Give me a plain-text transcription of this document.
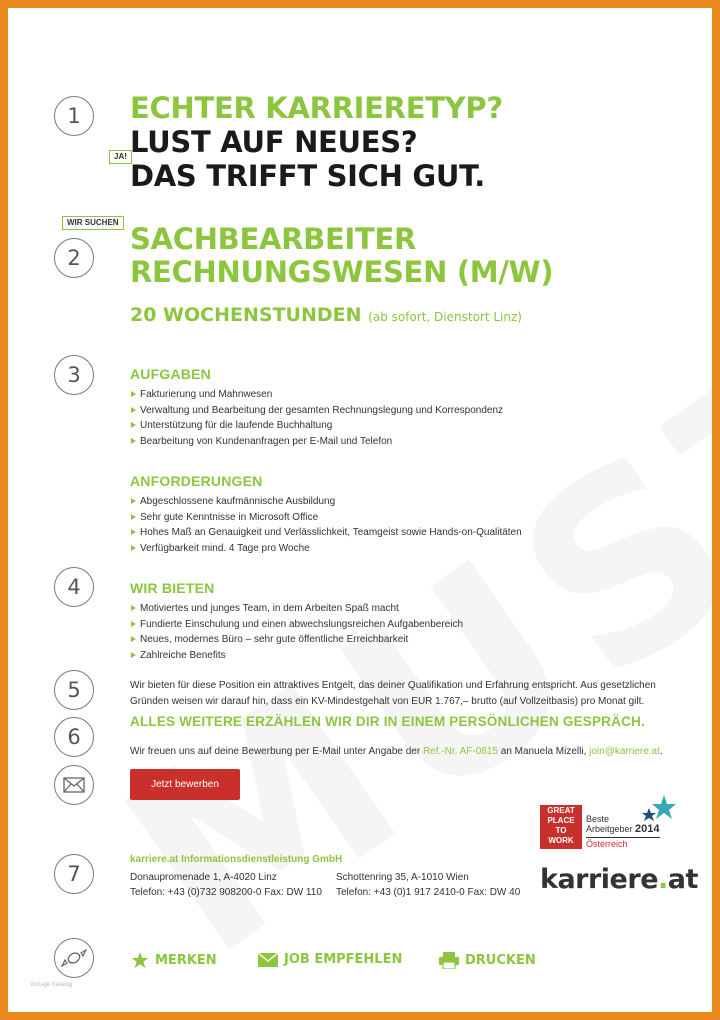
1
2
3
4
5
6
7
ECHTER KARRIERETYP?
JA! LUST AUF NEUES?
DAS TRIFFT SICH GUT.
WIR SUCHEN SACHBEARBEITER
RECHNUNGSWESEN (M/W)
20 WOCHENSTUNDEN (ab sofort, Dienstort Linz)
AUFGABEN
Fakturierung und Mahnwesen
Verwaltung und Bearbeitung der gesamten Rechnungslegung und Korrespondenz
Unterstützung für die laufende Buchhaltung
Bearbeitung von Kundenanfragen per E-Mail und Telefon
ANFORDERUNGEN
Abgeschlossene kaufmännische Ausbildung
Sehr gute Kenntnisse in Microsoft Office
Hohes Maß an Genauigkeit und Verlässlichkeit, Teamgeist sowie Hands-on-Qualitäten
Verfügbarkeit mind. 4 Tage pro Woche
WIR BIETEN
Motiviertes und junges Team, in dem Arbeiten Spaß macht
Fundierte Einschulung und einen abwechslungsreichen Aufgabenbereich
Neues, modernes Büro – sehr gute öffentliche Erreichbarkeit
Zahlreiche Benefits
Wir bieten für diese Position ein attraktives Entgelt, das deiner Qualifikation und Erfahrung entspricht. Aus gesetzlichen
Gründen weisen wir darauf hin, dass ein KV-Mindestgehalt von EUR 1.767,– brutto (auf Vollzeitbasis) pro Monat gilt.
ALLES WEITERE ERZÄHLEN WIR DIR IN EINEM PERSÖNLICHEN GESPRÄCH.
Wir freuen uns auf deine Bewerbung per E-Mail unter Angabe der Ref.-Nr. AF-0815 an Manuela Mizelli, join@karriere.at.
Jetzt bewerben
GREAT
PLACE
TO
WORK
Beste
Arbeitgeber 2014
Österreich
karriere.at Informationsdienstleistung GmbH
Donaupromenade 1, A-4020 Linz
Telefon: +43 (0)732 908200-0 Fax: DW 110
Schottenring 35, A-1010 Wien
Telefon: +43 (0)1 917 2410-0 Fax: DW 40 karriere.at
MERKEN	JOB EMPFEHLEN	DRUCKEN
Vorlage Katalog
